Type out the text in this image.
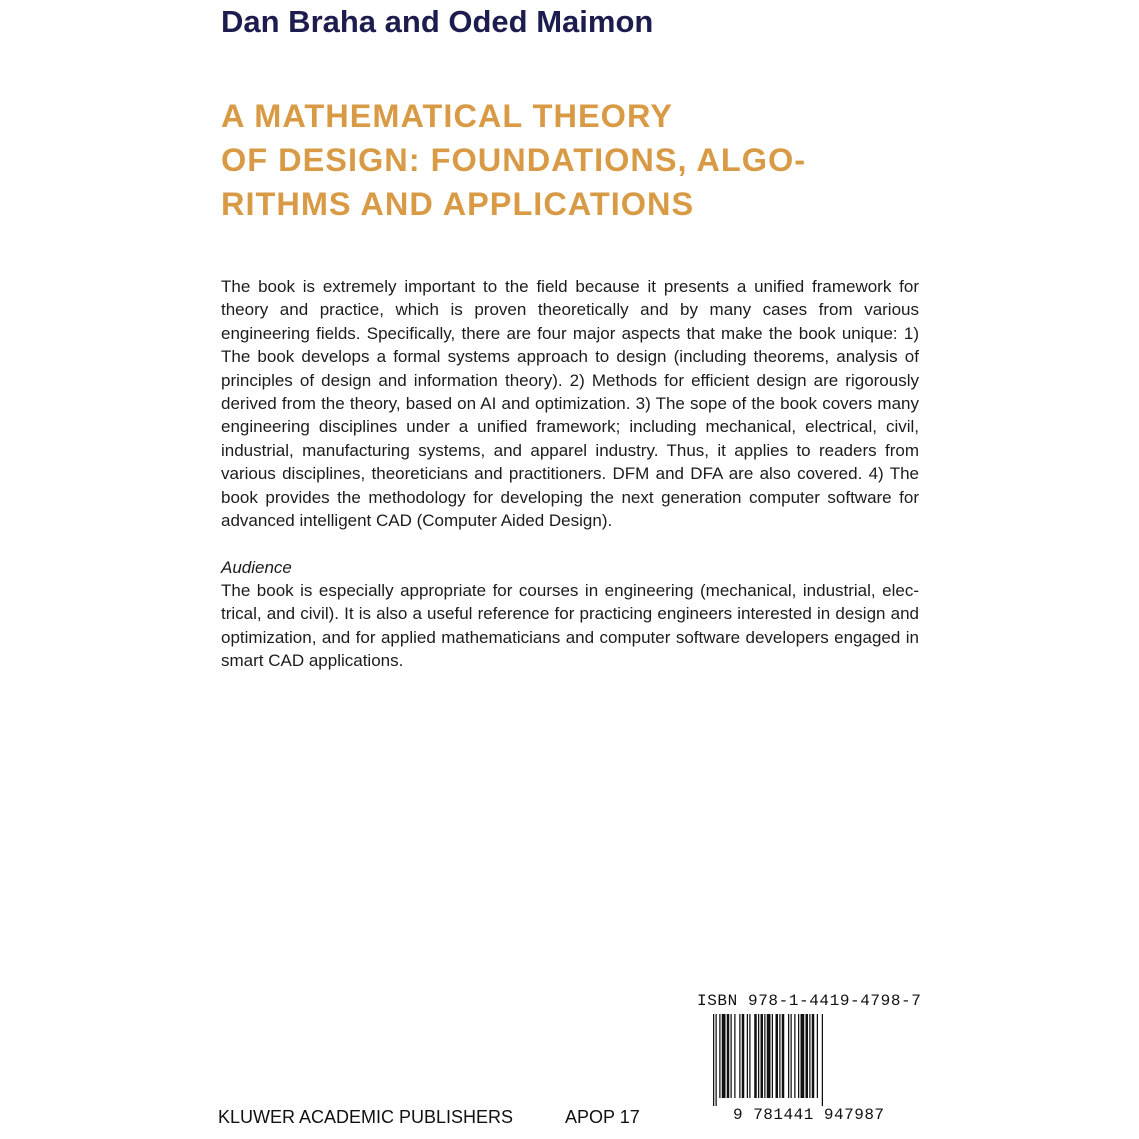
Dan Braha and Oded Maimon
A MATHEMATICAL THEORY
OF DESIGN: FOUNDATIONS, ALGO-
RITHMS AND APPLICATIONS

The book is extremely important to the field because it presents a unified framework for theory and practice, which is proven theoretically and by many cases from various engineering fields. Specifically, there are four major aspects that make the book unique: 1) The book develops a formal systems approach to design (including theorems, analysis of principles of design and information theory). 2) Methods for efficient design are rigorously derived from the theory, based on AI and optimization. 3) The sope of the book covers many engineering disciplines under a unified framework; including mechanical, electrical, civil, industrial, manufacturing systems, and apparel industry. Thus, it applies to readers from various disciplines, theoreticians and practitioners. DFM and DFA are also covered. 4) The book provides the methodology for developing the next generation computer software for advanced intelligent CAD (Computer Aided Design).

Audience

The book is especially appropriate for courses in engineering (mechanical, industrial, electrical, and civil). It is also a useful reference for practicing engineers interested in design and optimization, and for applied mathematicians and computer software developers engaged in smart CAD applications.

ISBN 978-1-4419-4798-7
9 781441 947987
KLUWER ACADEMIC PUBLISHERS	APOP 17
